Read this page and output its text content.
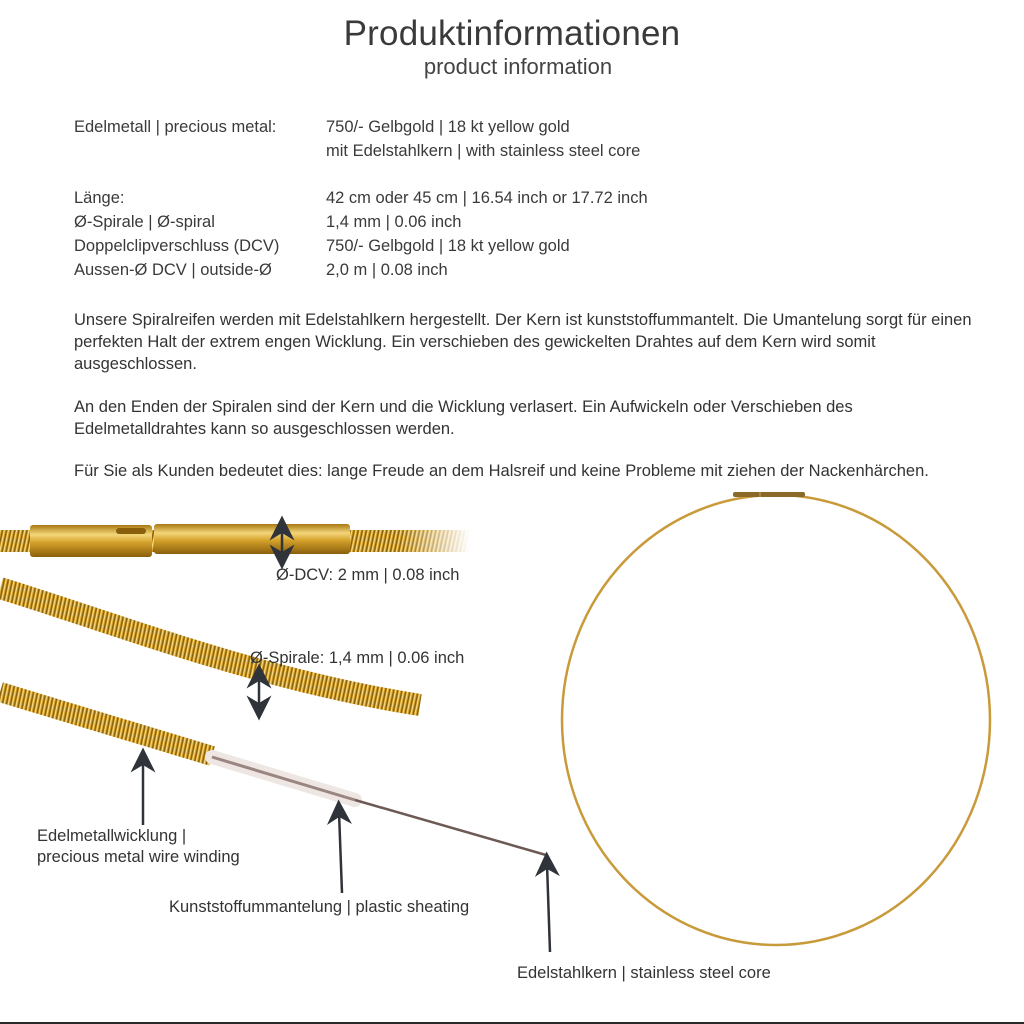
Produktinformationen
product information
Edelmetall | precious metal:	750/- Gelbgold | 18 kt yellow gold
mit Edelstahlkern | with stainless steel core
Länge:	42 cm oder 45 cm | 16.54 inch or 17.72 inch
Ø-Spirale | Ø-spiral	1,4 mm | 0.06 inch
Doppelclipverschluss (DCV)	750/- Gelbgold | 18 kt yellow gold
Aussen-Ø DCV | outside-Ø	2,0 m | 0.08 inch
Unsere Spiralreifen werden mit Edelstahlkern hergestellt. Der Kern ist kunststoffummantelt. Die Umantelung sorgt für einen perfekten Halt der extrem engen Wicklung. Ein verschieben des gewickelten Drahtes auf dem Kern wird somit ausgeschlossen.
An den Enden der Spiralen sind der Kern und die Wicklung verlasert. Ein Aufwickeln oder Verschieben des Edelmetalldrahtes kann so ausgeschlossen werden.
Für Sie als Kunden bedeutet dies: lange Freude an dem Halsreif und keine Probleme mit ziehen der Nackenhärchen.
Ø-DCV: 2 mm | 0.08 inch
Ø-Spirale: 1,4 mm | 0.06 inch
Edelmetallwicklung |
precious metal wire winding
Kunststoffummantelung | plastic sheating
Edelstahlkern | stainless steel core
